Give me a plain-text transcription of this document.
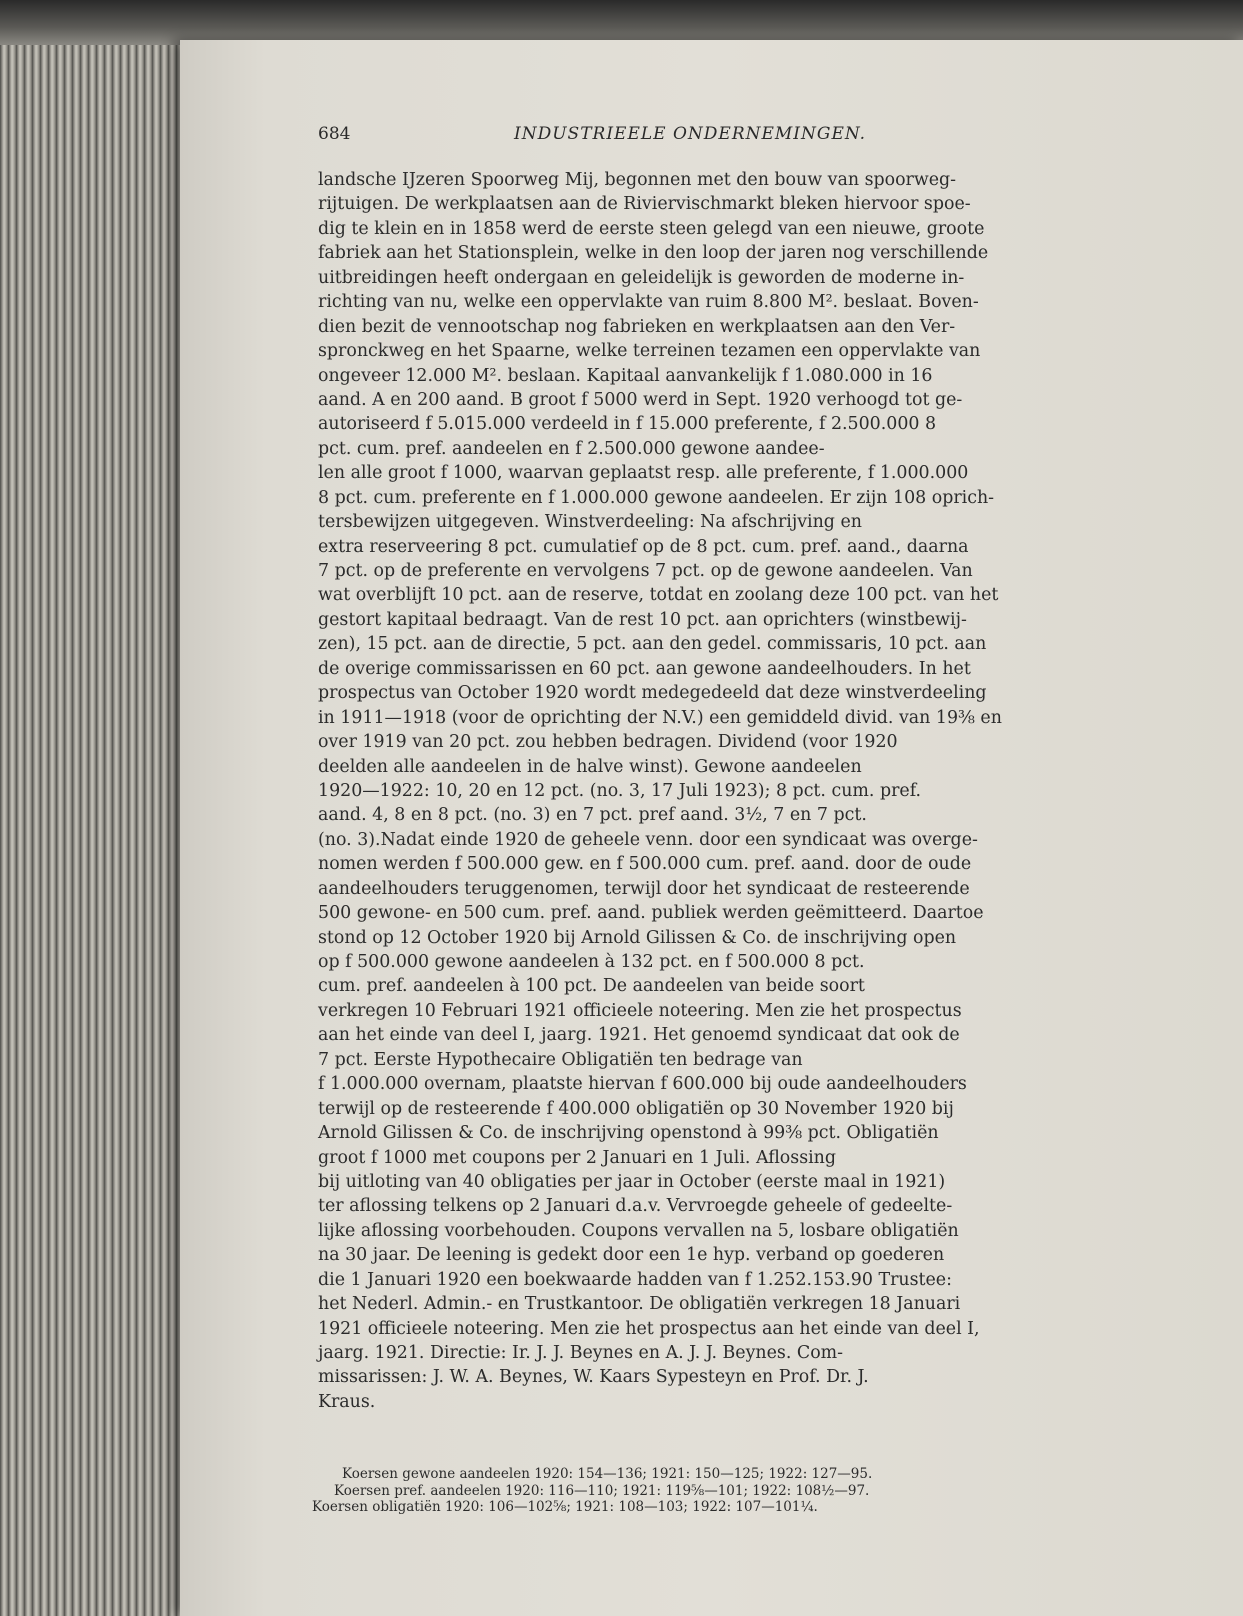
684	INDUSTRIEELE ONDERNEMINGEN.
landsche IJzeren Spoorweg Mij, begonnen met den bouw van spoorweg-
rijtuigen. De werkplaatsen aan de Riviervischmarkt bleken hiervoor spoe-
dig te klein en in 1858 werd de eerste steen gelegd van een nieuwe, groote
fabriek aan het Stationsplein, welke in den loop der jaren nog verschillende
uitbreidingen heeft ondergaan en geleidelijk is geworden de moderne in-
richting van nu, welke een oppervlakte van ruim 8.800 M². beslaat. Boven-
dien bezit de vennootschap nog fabrieken en werkplaatsen aan den Ver-
spronckweg en het Spaarne, welke terreinen tezamen een oppervlakte van
ongeveer 12.000 M². beslaan. Kapitaal aanvankelijk f 1.080.000 in 16
aand. A en 200 aand. B groot f 5000 werd in Sept. 1920 verhoogd tot ge-
autoriseerd f 5.015.000 verdeeld in f 15.000 preferente, f 2.500.000 8
pct. cum. pref. aandeelen en f 2.500.000 gewone aandee-
len alle groot f 1000, waarvan geplaatst resp. alle preferente, f 1.000.000
8 pct. cum. preferente en f 1.000.000 gewone aandeelen. Er zijn 108 oprich-
tersbewijzen uitgegeven. Winstverdeeling: Na afschrijving en
extra reserveering 8 pct. cumulatief op de 8 pct. cum. pref. aand., daarna
7 pct. op de preferente en vervolgens 7 pct. op de gewone aandeelen. Van
wat overblijft 10 pct. aan de reserve, totdat en zoolang deze 100 pct. van het
gestort kapitaal bedraagt. Van de rest 10 pct. aan oprichters (winstbewij-
zen), 15 pct. aan de directie, 5 pct. aan den gedel. commissaris, 10 pct. aan
de overige commissarissen en 60 pct. aan gewone aandeelhouders. In het
prospectus van October 1920 wordt medegedeeld dat deze winstverdeeling
in 1911—1918 (voor de oprichting der N.V.) een gemiddeld divid. van 19⅜ en
over 1919 van 20 pct. zou hebben bedragen. Dividend (voor 1920
deelden alle aandeelen in de halve winst). Gewone aandeelen
1920—1922: 10, 20 en 12 pct. (no. 3, 17 Juli 1923); 8 pct. cum. pref.
aand. 4, 8 en 8 pct. (no. 3) en 7 pct. pref aand. 3½, 7 en 7 pct.
(no. 3).Nadat einde 1920 de geheele venn. door een syndicaat was overge-
nomen werden f 500.000 gew. en f 500.000 cum. pref. aand. door de oude
aandeelhouders teruggenomen, terwijl door het syndicaat de resteerende
500 gewone- en 500 cum. pref. aand. publiek werden geëmitteerd. Daartoe
stond op 12 October 1920 bij Arnold Gilissen & Co. de inschrijving open
op f 500.000 gewone aandeelen à 132 pct. en f 500.000 8 pct.
cum. pref. aandeelen à 100 pct. De aandeelen van beide soort
verkregen 10 Februari 1921 officieele noteering. Men zie het prospectus
aan het einde van deel I, jaarg. 1921. Het genoemd syndicaat dat ook de
7 pct. Eerste Hypothecaire Obligatiën ten bedrage van
f 1.000.000 overnam, plaatste hiervan f 600.000 bij oude aandeelhouders
terwijl op de resteerende f 400.000 obligatiën op 30 November 1920 bij
Arnold Gilissen & Co. de inschrijving openstond à 99⅜ pct. Obligatiën
groot f 1000 met coupons per 2 Januari en 1 Juli. Aflossing
bij uitloting van 40 obligaties per jaar in October (eerste maal in 1921)
ter aflossing telkens op 2 Januari d.a.v. Vervroegde geheele of gedeelte-
lijke aflossing voorbehouden. Coupons vervallen na 5, losbare obligatiën
na 30 jaar. De leening is gedekt door een 1e hyp. verband op goederen
die 1 Januari 1920 een boekwaarde hadden van f 1.252.153.90 Trustee:
het Nederl. Admin.- en Trustkantoor. De obligatiën verkregen 18 Januari
1921 officieele noteering. Men zie het prospectus aan het einde van deel I,
jaarg. 1921. Directie: Ir. J. J. Beynes en A. J. J. Beynes. Com-
missarissen: J. W. A. Beynes, W. Kaars Sypesteyn en Prof. Dr. J.
Kraus.
Koersen gewone aandeelen 1920: 154—136; 1921: 150—125; 1922: 127—95.
Koersen pref. aandeelen 1920: 116—110; 1921: 119⅝—101; 1922: 108½—97.
Koersen obligatiën 1920: 106—102⅝; 1921: 108—103; 1922: 107—101¼.
